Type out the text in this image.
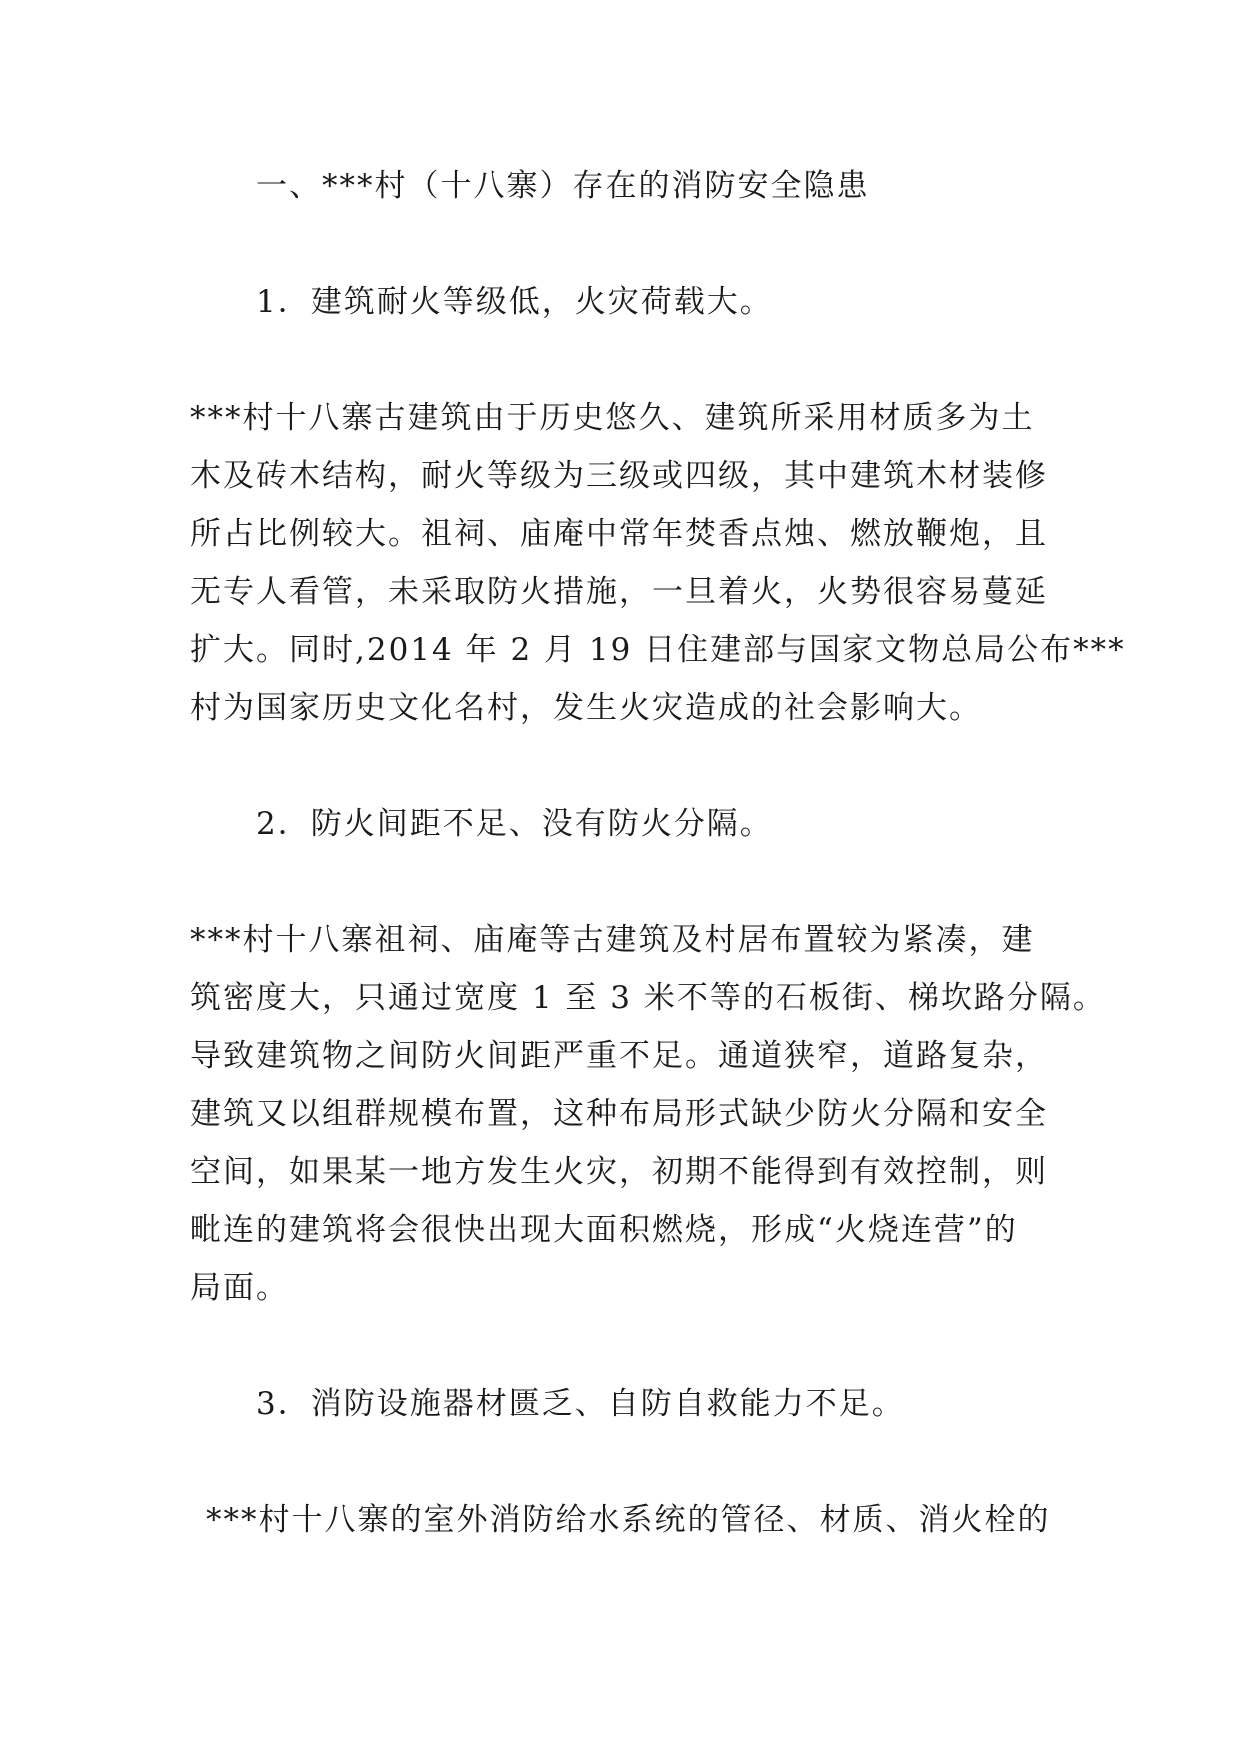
一、***村（十八寨）存在的消防安全隐患

1．建筑耐火等级低，火灾荷载大。

***村十八寨古建筑由于历史悠久、建筑所采用材质多为土

木及砖木结构，耐火等级为三级或四级，其中建筑木材装修

所占比例较大。祖祠、庙庵中常年焚香点烛、燃放鞭炮，且

无专人看管，未采取防火措施，一旦着火，火势很容易蔓延

扩大。同时,2014 年 2 月 19 日住建部与国家文物总局公布***

村为国家历史文化名村，发生火灾造成的社会影响大。

2．防火间距不足、没有防火分隔。

***村十八寨祖祠、庙庵等古建筑及村居布置较为紧凑，建

筑密度大，只通过宽度 1 至 3 米不等的石板街、梯坎路分隔。

导致建筑物之间防火间距严重不足。通道狭窄，道路复杂，

建筑又以组群规模布置，这种布局形式缺少防火分隔和安全

空间，如果某一地方发生火灾，初期不能得到有效控制，则

毗连的建筑将会很快出现大面积燃烧，形成“火烧连营”的

局面。

3．消防设施器材匮乏、自防自救能力不足。

***村十八寨的室外消防给水系统的管径、材质、消火栓的
